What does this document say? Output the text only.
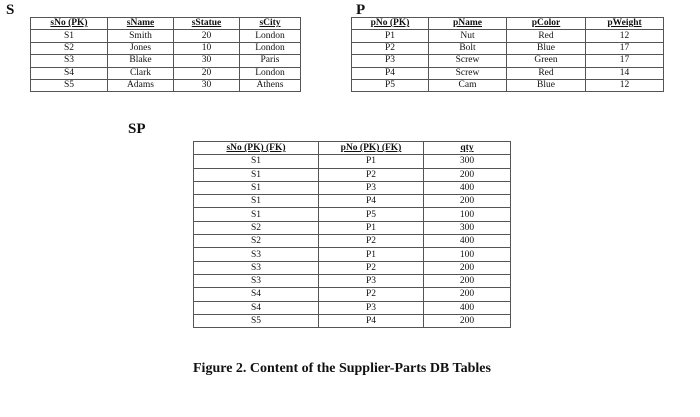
S
sNo (PK)	sName	sStatue	sCity
S1	Smith	20	London
S2	Jones	10	London
S3	Blake	30	Paris
S4	Clark	20	London
S5	Adams	30	Athens
P
pNo (PK)	pName	pColor	pWeight
P1	Nut	Red	12
P2	Bolt	Blue	17
P3	Screw	Green	17
P4	Screw	Red	14
P5	Cam	Blue	12
SP
sNo (PK) (FK)	pNo (PK) (FK)	qty
S1	P1	300
S1	P2	200
S1	P3	400
S1	P4	200
S1	P5	100
S2	P1	300
S2	P2	400
S3	P1	100
S3	P2	200
S3	P3	200
S4	P2	200
S4	P3	400
S5	P4	200
Figure 2. Content of the Supplier-Parts DB Tables
